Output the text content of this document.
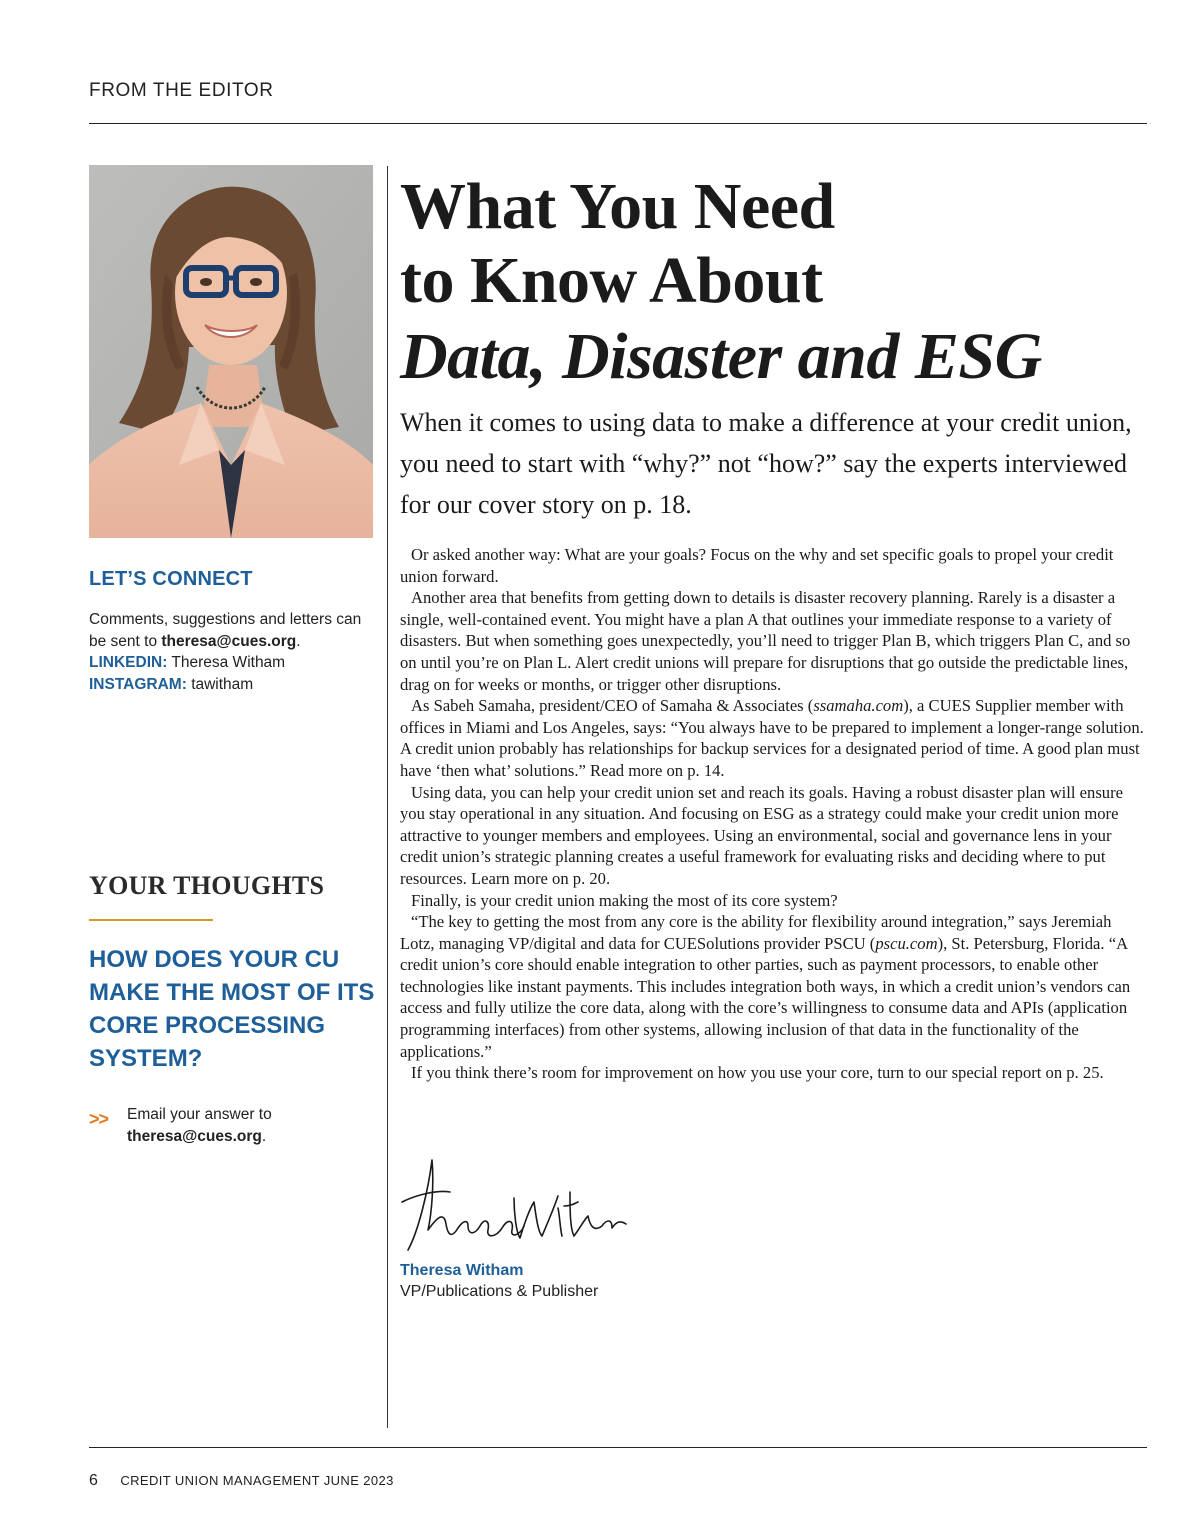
FROM THE EDITOR
LET’S CONNECT
Comments, suggestions and letters can be sent to theresa@cues.org.
LINKEDIN: Theresa Witham
INSTAGRAM: tawitham
YOUR THOUGHTS
HOW DOES YOUR CU MAKE THE MOST OF ITS CORE PROCESSING SYSTEM?
>> Email your answer to theresa@cues.org.
What You Need
to Know About
Data, Disaster and ESG
When it comes to using data to make a difference at your credit union, you need to start with “why?” not “how?” say the experts interviewed for our cover story on p. 18.

Or asked another way: What are your goals? Focus on the why and set specific goals to propel your credit union forward.

Another area that benefits from getting down to details is disaster recovery planning. Rarely is a disaster a single, well-contained event. You might have a plan A that outlines your immediate response to a variety of disasters. But when something goes unexpectedly, you’ll need to trigger Plan B, which triggers Plan C, and so on until you’re on Plan L. Alert credit unions will prepare for disruptions that go outside the predictable lines, drag on for weeks or months, or trigger other disruptions.

As Sabeh Samaha, president/CEO of Samaha & Associates (ssamaha.com), a CUES Supplier member with offices in Miami and Los Angeles, says: “You always have to be prepared to implement a longer-range solution. A credit union probably has relationships for backup services for a designated period of time. A good plan must have ‘then what’ solutions.” Read more on p. 14.

Using data, you can help your credit union set and reach its goals. Having a robust disaster plan will ensure you stay operational in any situation. And focusing on ESG as a strategy could make your credit union more attractive to younger members and employees. Using an environmental, social and governance lens in your credit union’s strategic planning creates a useful framework for evaluating risks and deciding where to put resources. Learn more on p. 20.

Finally, is your credit union making the most of its core system?

“The key to getting the most from any core is the ability for flexibility around integration,” says Jeremiah Lotz, managing VP/digital and data for CUESolutions provider PSCU (pscu.com), St. Petersburg, Florida. “A credit union’s core should enable integration to other parties, such as payment processors, to enable other technologies like instant payments. This includes integration both ways, in which a credit union’s vendors can access and fully utilize the core data, along with the core’s willingness to consume data and APIs (application programming interfaces) from other systems, allowing inclusion of that data in the functionality of the applications.”

If you think there’s room for improvement on how you use your core, turn to our special report on p. 25.

Theresa Witham
Theresa Witham
VP/Publications & Publisher
6 CREDIT UNION MANAGEMENT JUNE 2023
